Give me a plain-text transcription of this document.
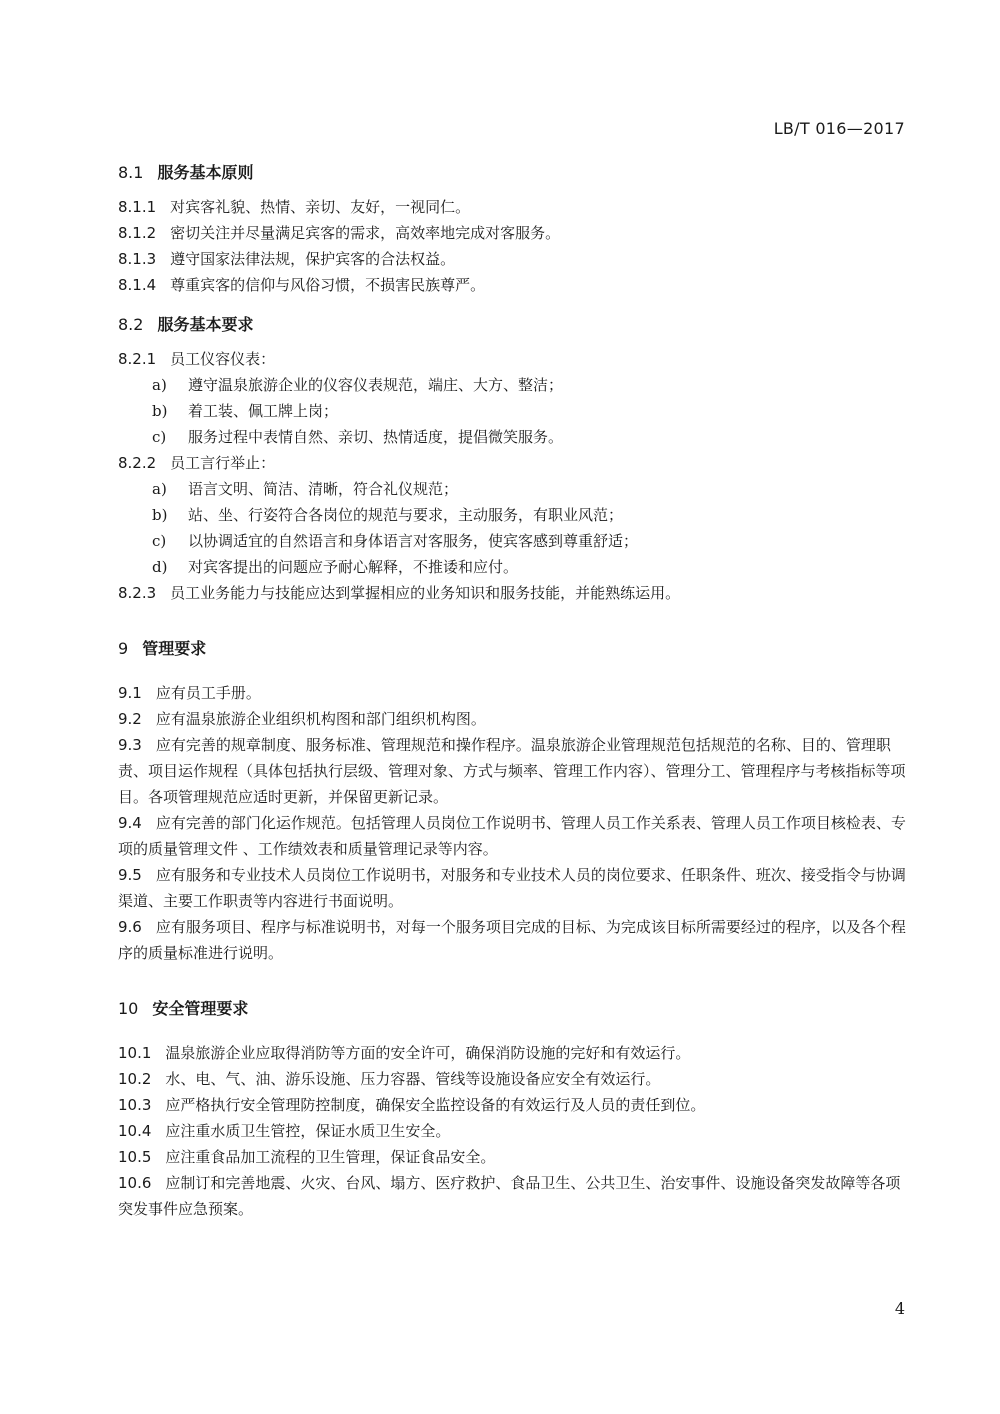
LB/T 016—2017
8.1 服务基本原则
8.1.1 对宾客礼貌、热情、亲切、友好，一视同仁。
8.1.2 密切关注并尽量满足宾客的需求，高效率地完成对客服务。
8.1.3 遵守国家法律法规，保护宾客的合法权益。
8.1.4 尊重宾客的信仰与风俗习惯，不损害民族尊严。
8.2 服务基本要求
8.2.1 员工仪容仪表：
a) 遵守温泉旅游企业的仪容仪表规范，端庄、大方、整洁；
b) 着工装、佩工牌上岗；
c) 服务过程中表情自然、亲切、热情适度，提倡微笑服务。
8.2.2 员工言行举止：
a) 语言文明、简洁、清晰，符合礼仪规范；
b) 站、坐、行姿符合各岗位的规范与要求，主动服务，有职业风范；
c) 以协调适宜的自然语言和身体语言对客服务，使宾客感到尊重舒适；
d) 对宾客提出的问题应予耐心解释，不推诿和应付。
8.2.3 员工业务能力与技能应达到掌握相应的业务知识和服务技能，并能熟练运用。
9 管理要求
9.1 应有员工手册。
9.2 应有温泉旅游企业组织机构图和部门组织机构图。
9.3 应有完善的规章制度、服务标准、管理规范和操作程序。温泉旅游企业管理规范包括规范的名称、目的、管理职责、项目运作规程（具体包括执行层级、管理对象、方式与频率、管理工作内容）、管理分工、管理程序与考核指标等项目。各项管理规范应适时更新，并保留更新记录。
9.4 应有完善的部门化运作规范。包括管理人员岗位工作说明书、管理人员工作关系表、管理人员工作项目核检表、专项的质量管理文件 、工作绩效表和质量管理记录等内容。
9.5 应有服务和专业技术人员岗位工作说明书，对服务和专业技术人员的岗位要求、任职条件、班次、接受指令与协调渠道、主要工作职责等内容进行书面说明。
9.6 应有服务项目、程序与标准说明书，对每一个服务项目完成的目标、为完成该目标所需要经过的程序，以及各个程序的质量标准进行说明。
10 安全管理要求
10.1 温泉旅游企业应取得消防等方面的安全许可，确保消防设施的完好和有效运行。
10.2 水、电、气、油、游乐设施、压力容器、管线等设施设备应安全有效运行。
10.3 应严格执行安全管理防控制度，确保安全监控设备的有效运行及人员的责任到位。
10.4 应注重水质卫生管控，保证水质卫生安全。
10.5 应注重食品加工流程的卫生管理，保证食品安全。
10.6 应制订和完善地震、火灾、台风、塌方、医疗救护、食品卫生、公共卫生、治安事件、设施设备突发故障等各项突发事件应急预案。
4
